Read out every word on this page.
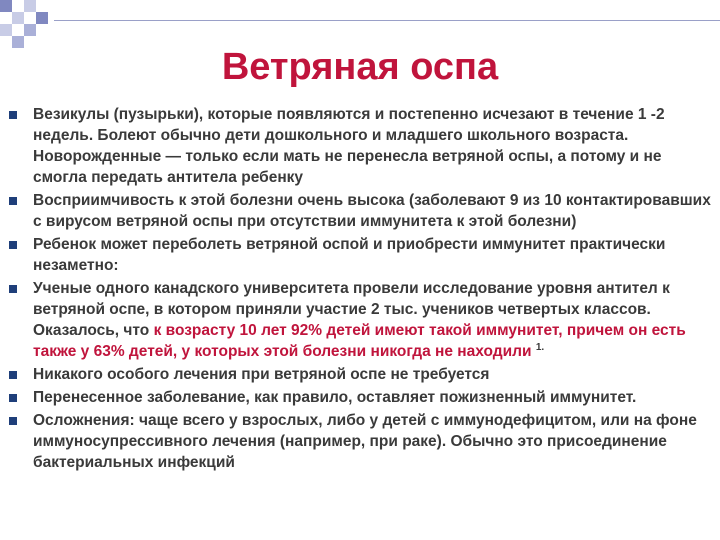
Ветряная оспа
Везикулы (пузырьки), которые появляются и постепенно исчезают в течение 1 -2 недель. Болеют обычно дети дошкольного и младшего школьного возраста. Новорожденные — только если мать не перенесла ветряной оспы, а потому и не смогла передать антитела ребенку
Восприимчивость к этой болезни очень высока (заболевают 9 из 10 контактировавших с вирусом ветряной оспы при отсутствии иммунитета к этой болезни)
Ребенок может переболеть ветряной оспой и приобрести иммунитет практически незаметно:
Ученые одного канадского университета провели исследование уровня антител к ветряной оспе, в котором приняли участие 2 тыс. учеников четвертых классов. Оказалось, что к возрасту 10 лет 92% детей имеют такой иммунитет, причем он есть также у 63% детей, у которых этой болезни никогда не находили $^{1.}$
Никакого особого лечения при ветряной оспе не требуется
Перенесенное заболевание, как правило, оставляет пожизненный иммунитет.
Осложнения: чаще всего у взрослых, либо у детей с иммунодефицитом, или на фоне иммуносупрессивного лечения (например, при раке). Обычно это присоединение бактериальных инфекций
